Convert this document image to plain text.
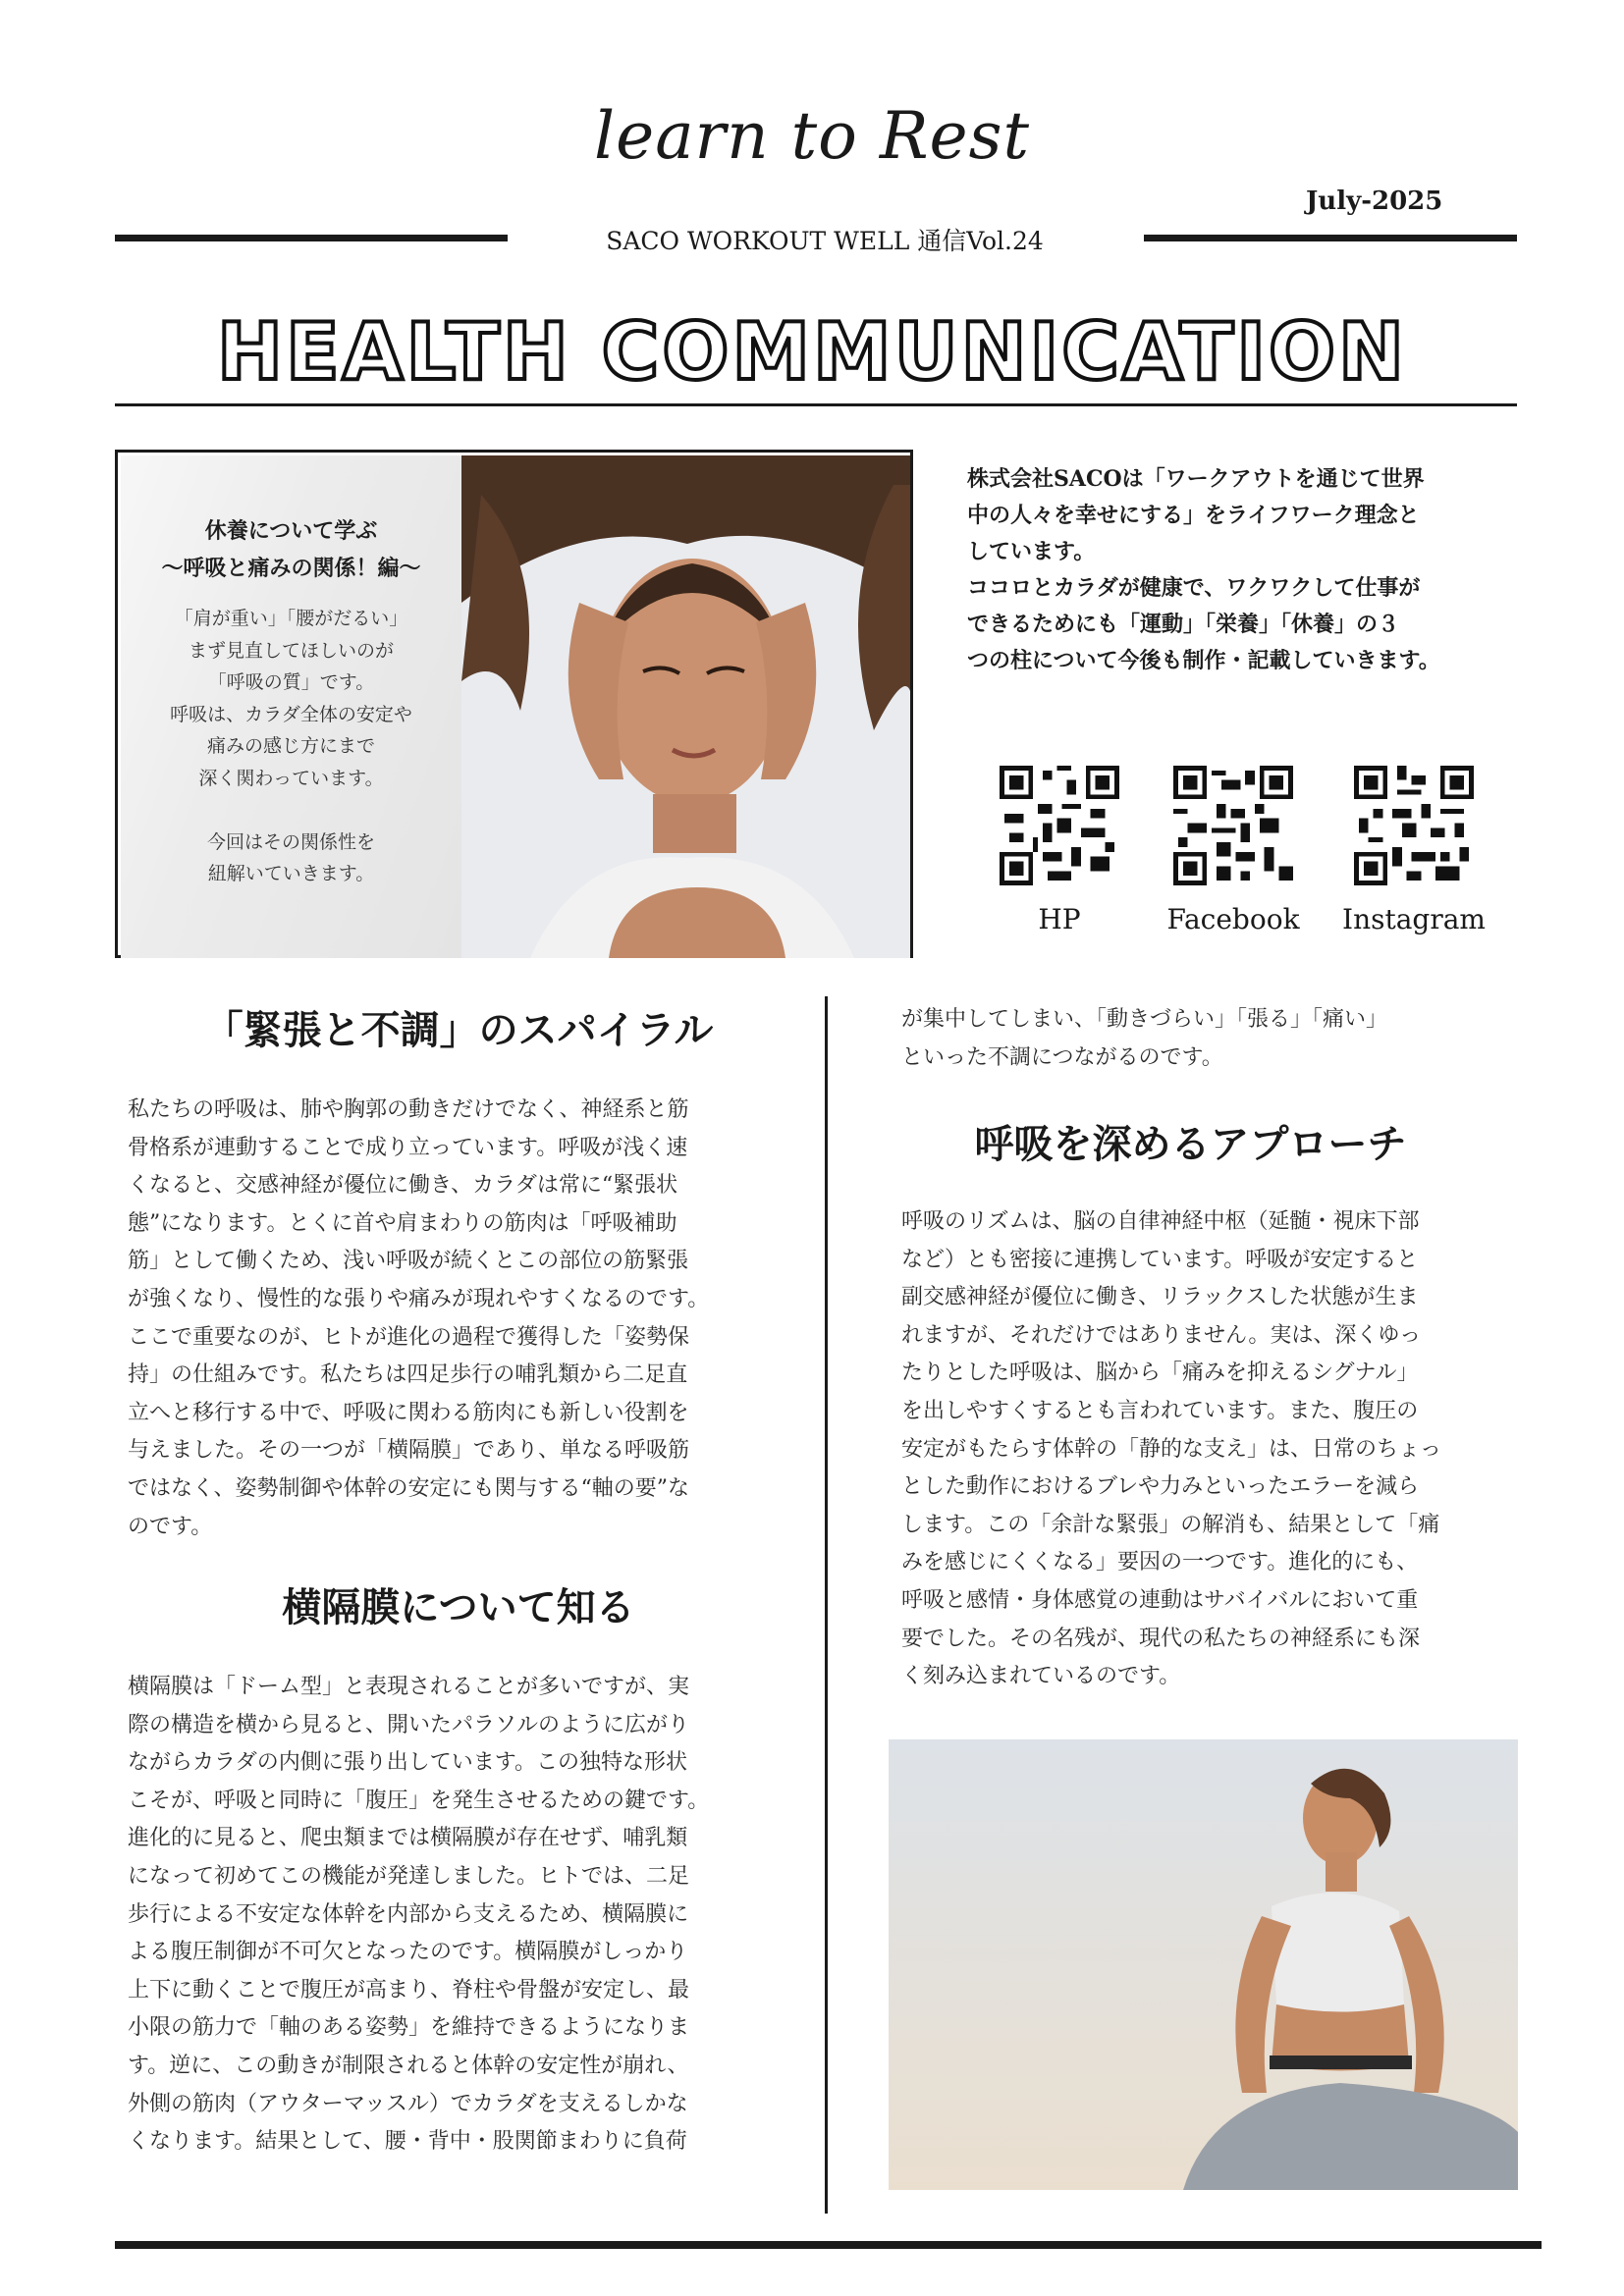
learn to Rest
July-2025
SACO WORKOUT WELL 通信Vol.24
HEALTH COMMUNICATION
休養について学ぶ
〜呼吸と痛みの関係！編〜
「肩が重い」「腰がだるい」
まず見直してほしいのが
「呼吸の質」です。
呼吸は、カラダ全体の安定や
痛みの感じ方にまで
深く関わっています。
今回はその関係性を
紐解いていきます。
株式会社SACOは「ワークアウトを通じて世界
中の人々を幸せにする」をライフワーク理念と
しています。
ココロとカラダが健康で、ワクワクして仕事が
できるためにも「運動」「栄養」「休養」の３
つの柱について今後も制作・記載していきます。
HP	Facebook	Instagram
「緊張と不調」のスパイラル
私たちの呼吸は、肺や胸郭の動きだけでなく、神経系と筋
骨格系が連動することで成り立っています。呼吸が浅く速
くなると、交感神経が優位に働き、カラダは常に“緊張状
態”になります。とくに首や肩まわりの筋肉は「呼吸補助
筋」として働くため、浅い呼吸が続くとこの部位の筋緊張
が強くなり、慢性的な張りや痛みが現れやすくなるのです。
ここで重要なのが、ヒトが進化の過程で獲得した「姿勢保
持」の仕組みです。私たちは四足歩行の哺乳類から二足直
立へと移行する中で、呼吸に関わる筋肉にも新しい役割を
与えました。その一つが「横隔膜」であり、単なる呼吸筋
ではなく、姿勢制御や体幹の安定にも関与する“軸の要”な
のです。
横隔膜について知る
横隔膜は「ドーム型」と表現されることが多いですが、実
際の構造を横から見ると、開いたパラソルのように広がり
ながらカラダの内側に張り出しています。この独特な形状
こそが、呼吸と同時に「腹圧」を発生させるための鍵です。
進化的に見ると、爬虫類までは横隔膜が存在せず、哺乳類
になって初めてこの機能が発達しました。ヒトでは、二足
歩行による不安定な体幹を内部から支えるため、横隔膜に
よる腹圧制御が不可欠となったのです。横隔膜がしっかり
上下に動くことで腹圧が高まり、脊柱や骨盤が安定し、最
小限の筋力で「軸のある姿勢」を維持できるようになりま
す。逆に、この動きが制限されると体幹の安定性が崩れ、
外側の筋肉（アウターマッスル）でカラダを支えるしかな
くなります。結果として、腰・背中・股関節まわりに負荷
が集中してしまい、「動きづらい」「張る」「痛い」
といった不調につながるのです。
呼吸を深めるアプローチ
呼吸のリズムは、脳の自律神経中枢（延髄・視床下部
など）とも密接に連携しています。呼吸が安定すると
副交感神経が優位に働き、リラックスした状態が生ま
れますが、それだけではありません。実は、深くゆっ
たりとした呼吸は、脳から「痛みを抑えるシグナル」
を出しやすくするとも言われています。また、腹圧の
安定がもたらす体幹の「静的な支え」は、日常のちょっ
とした動作におけるブレや力みといったエラーを減ら
します。この「余計な緊張」の解消も、結果として「痛
みを感じにくくなる」要因の一つです。進化的にも、
呼吸と感情・身体感覚の連動はサバイバルにおいて重
要でした。その名残が、現代の私たちの神経系にも深
く刻み込まれているのです。
